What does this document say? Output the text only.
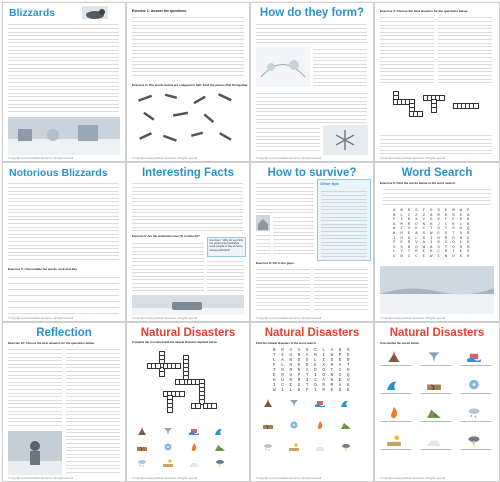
Blizzards
© Copyright Learning Disaster Resources | All rights reserved
Exercise 1: Answer the questions.
Exercise 2: The words below are snapped in half. Find the pieces that fit together.
© Copyright Learning Disaster Resources | All rights reserved
How do they form?
© Copyright Learning Disaster Resources | All rights reserved
Exercise 3: Choose the best answers for the questions below.
© Copyright Learning Disaster Resources | All rights reserved
Notorious Blizzards
Exercise 5: Unscramble the words, lock-and-key.
© Copyright Learning Disaster Resources | All rights reserved
Interesting Facts
Exercise 6: Are the statements true (T) or false (F)?
Exercise 7: Why do you think the government publishes snow people to stay at home during a blizzard?
© Copyright Learning Disaster Resources | All rights reserved
How to survive?
Other tips
Exercise 8: Fill in the gaps.
© Copyright Learning Disaster Resources | All rights reserved
Word Search
Exercise 9: Find the words below in the word search.
A B R S F O S E M W P
B L I Z Z A R D S E A
F I K X Y O V F E R K
A M R D N H J I K L R
W Z V E C T O T S O Q
K R E A S W E S T O R
I H D L S I N R O N E
P E R V A I R C O L D
O S N O W A S T O R M
L Y T R E H C R I E O
U N I C E W I N D S H
© Copyright Learning Disaster Resources | All rights reserved
Reflection
Exercise 10: Choose the best answers for the questions below.
© Copyright Learning Disaster Resources | All rights reserved
Natural Disasters
Complete the crossword with the natural disasters depicted below.
© Copyright Learning Disaster Resources | All rights reserved
Natural Disasters
Find the natural disasters in the word search.
B R A V O C L A N O
T S U N A M I W P E
L A N D S L I D E R
F L O O D E X R A T
T O R N A D O T I H
E R U P T I O N S Q
H U R R I C A N E U
I C E S T O R M A K
W I L D F I R E D E
© Copyright Learning Disaster Resources | All rights reserved
Natural Disasters
Unscramble the words below.
© Copyright Learning Disaster Resources | All rights reserved
